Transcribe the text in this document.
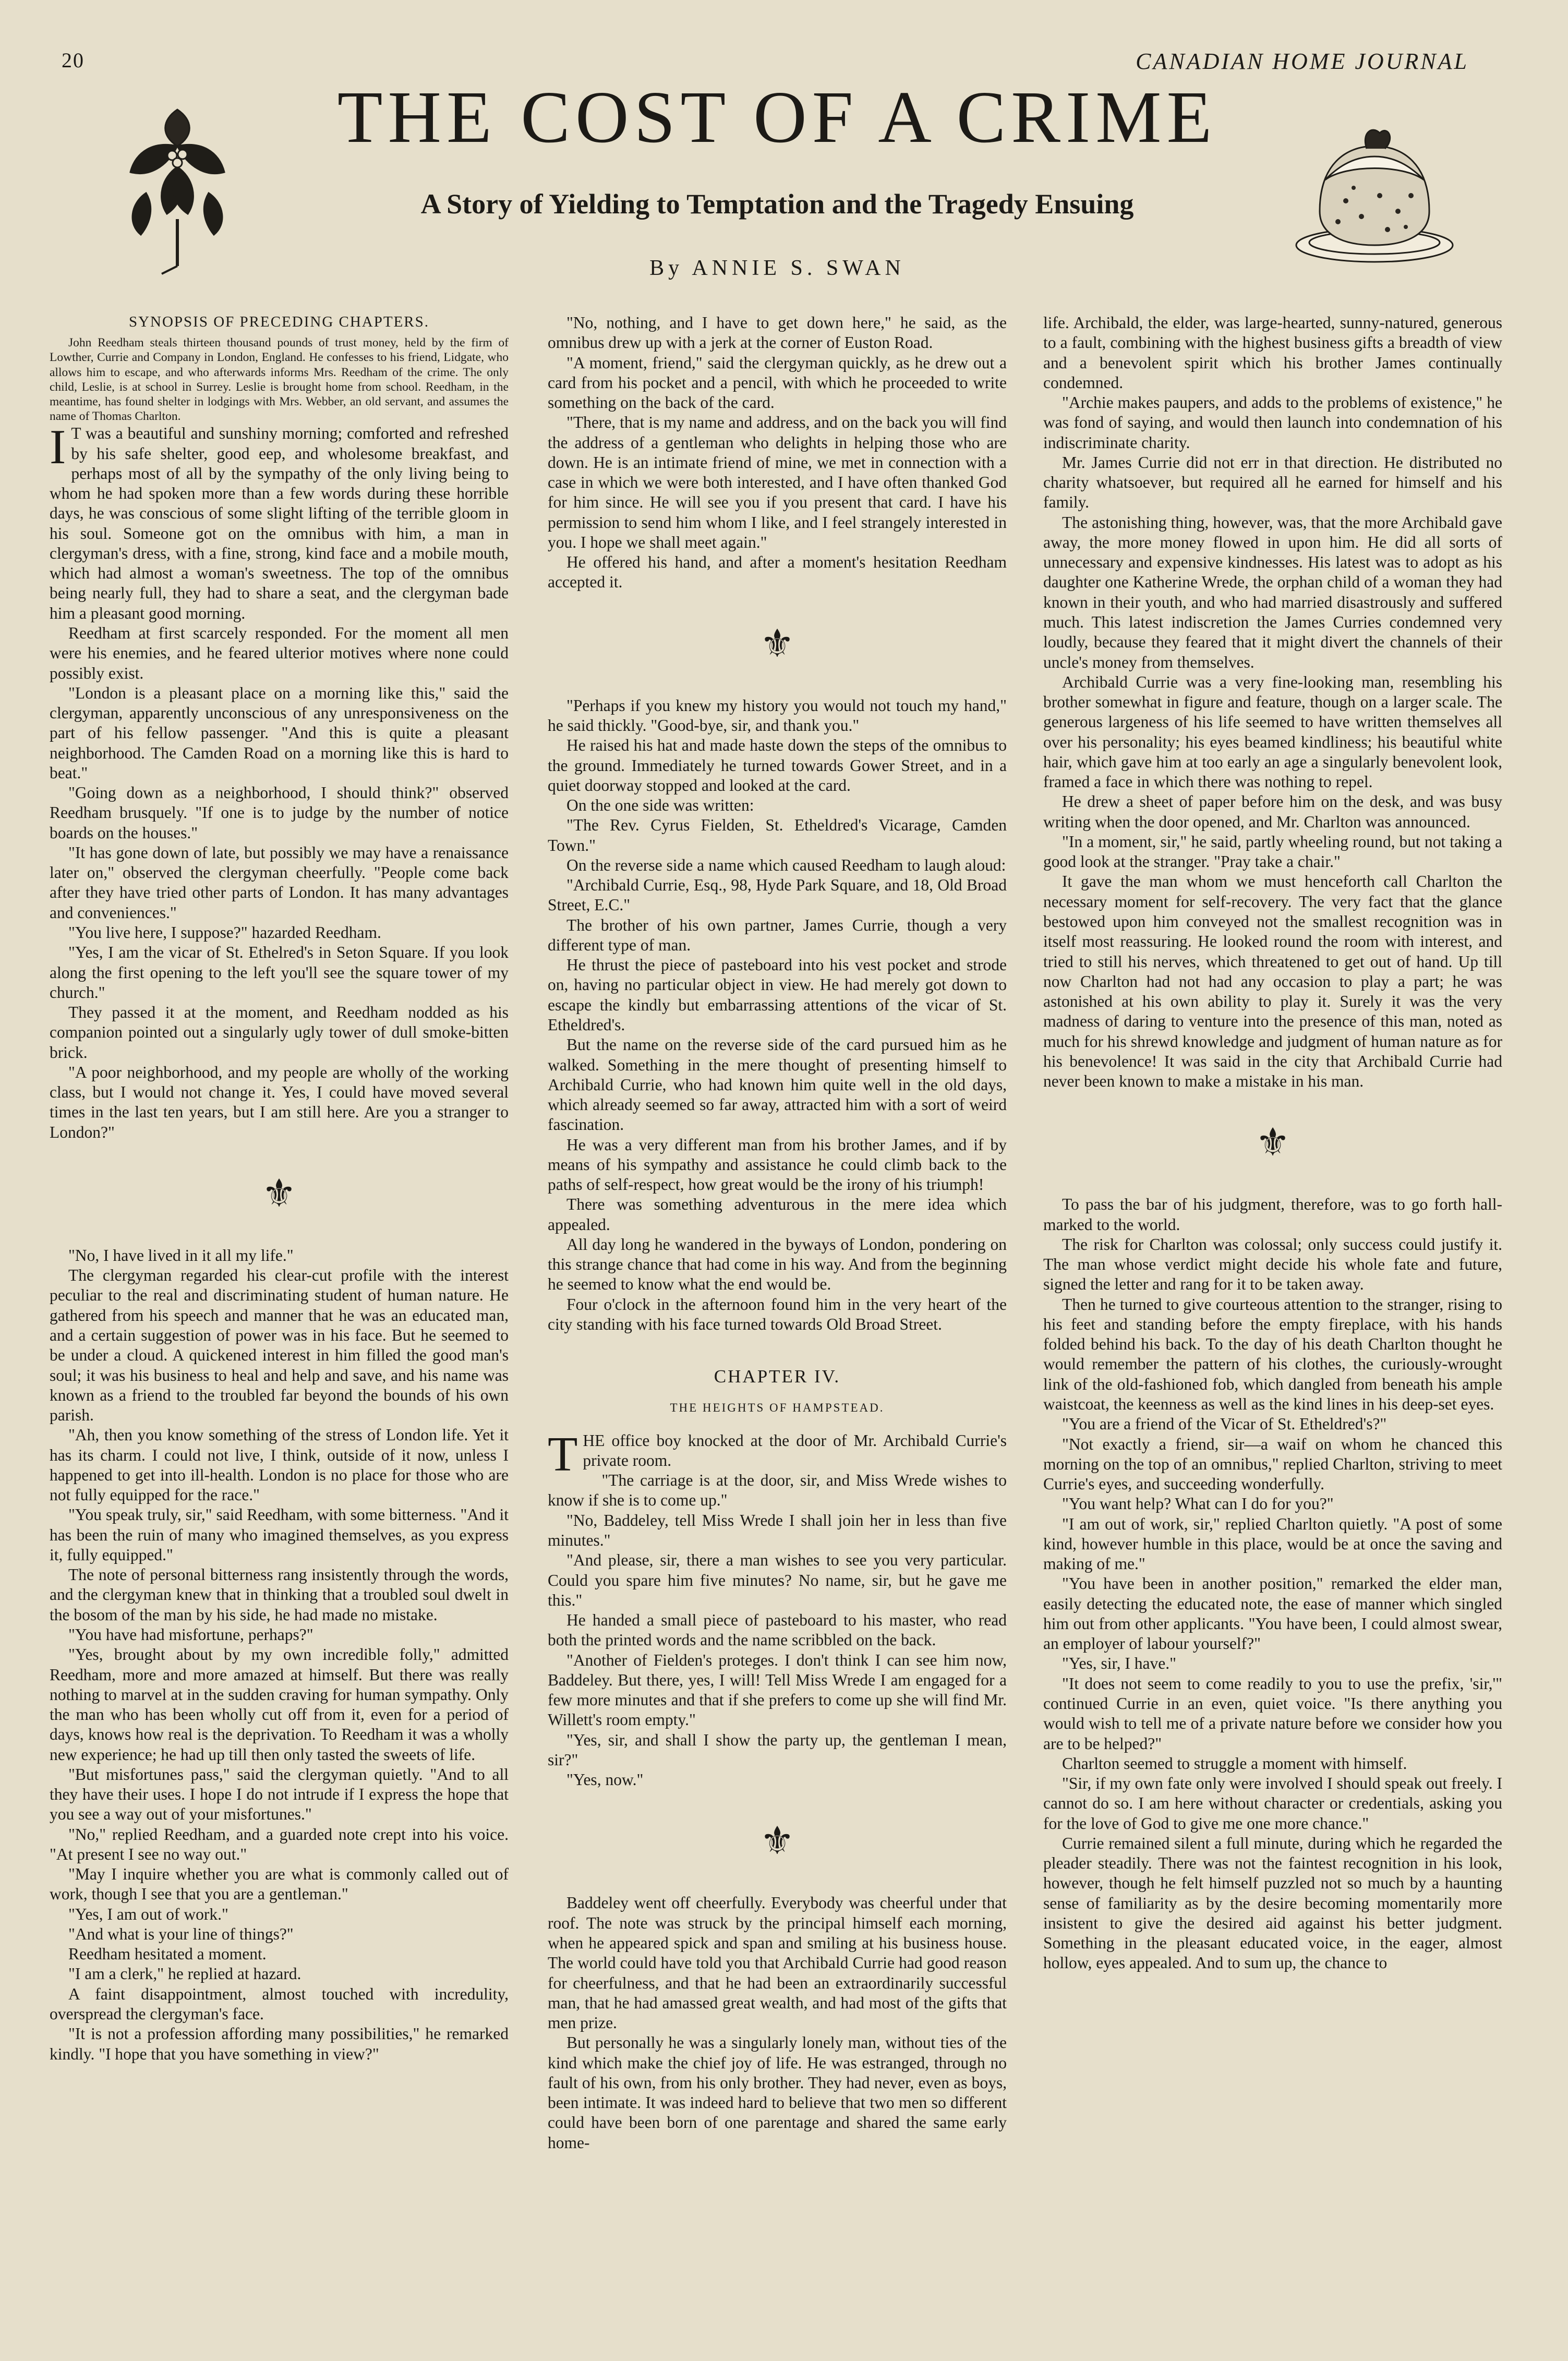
20	CANADIAN HOME JOURNAL
THE COST OF A CRIME
A Story of Yielding to Temptation and the Tragedy Ensuing
By ANNIE S. SWAN
SYNOPSIS OF PRECEDING CHAPTERS.

John Reedham steals thirteen thousand pounds of trust money, held by the firm of Lowther, Currie and Company in London, England. He confesses to his friend, Lidgate, who allows him to escape, and who afterwards informs Mrs. Reedham of the crime. The only child, Leslie, is at school in Surrey. Leslie is brought home from school. Reedham, in the meantime, has found shelter in lodgings with Mrs. Webber, an old servant, and assumes the name of Thomas Charlton.

IT was a beautiful and sunshiny morning; comforted and refreshed by his safe shelter, good eep, and wholesome breakfast, and perhaps most of all by the sympathy of the only living being to whom he had spoken more than a few words during these horrible days, he was conscious of some slight lifting of the terrible gloom in his soul. Someone got on the omnibus with him, a man in clergyman's dress, with a fine, strong, kind face and a mobile mouth, which had almost a woman's sweetness. The top of the omnibus being nearly full, they had to share a seat, and the clergyman bade him a pleasant good morning.

Reedham at first scarcely responded. For the moment all men were his enemies, and he feared ulterior motives where none could possibly exist.

"London is a pleasant place on a morning like this," said the clergyman, apparently unconscious of any unresponsiveness on the part of his fellow passenger. "And this is quite a pleasant neighborhood. The Camden Road on a morning like this is hard to beat."

"Going down as a neighborhood, I should think?" observed Reedham brusquely. "If one is to judge by the number of notice boards on the houses."

"It has gone down of late, but possibly we may have a renaissance later on," observed the clergyman cheerfully. "People come back after they have tried other parts of London. It has many advantages and conveniences."

"You live here, I suppose?" hazarded Reedham.

"Yes, I am the vicar of St. Ethelred's in Seton Square. If you look along the first opening to the left you'll see the square tower of my church."

They passed it at the moment, and Reedham nodded as his companion pointed out a singularly ugly tower of dull smoke-bitten brick.

"A poor neighborhood, and my people are wholly of the working class, but I would not change it. Yes, I could have moved several times in the last ten years, but I am still here. Are you a stranger to London?"

⚜

"No, I have lived in it all my life."

The clergyman regarded his clear-cut profile with the interest peculiar to the real and discriminating student of human nature. He gathered from his speech and manner that he was an educated man, and a certain suggestion of power was in his face. But he seemed to be under a cloud. A quickened interest in him filled the good man's soul; it was his business to heal and help and save, and his name was known as a friend to the troubled far beyond the bounds of his own parish.

"Ah, then you know something of the stress of London life. Yet it has its charm. I could not live, I think, outside of it now, unless I happened to get into ill-health. London is no place for those who are not fully equipped for the race."

"You speak truly, sir," said Reedham, with some bitterness. "And it has been the ruin of many who imagined themselves, as you express it, fully equipped."

The note of personal bitterness rang insistently through the words, and the clergyman knew that in thinking that a troubled soul dwelt in the bosom of the man by his side, he had made no mistake.

"You have had misfortune, perhaps?"

"Yes, brought about by my own incredible folly," admitted Reedham, more and more amazed at himself. But there was really nothing to marvel at in the sudden craving for human sympathy. Only the man who has been wholly cut off from it, even for a period of days, knows how real is the deprivation. To Reedham it was a wholly new experience; he had up till then only tasted the sweets of life.

"But misfortunes pass," said the clergyman quietly. "And to all they have their uses. I hope I do not intrude if I express the hope that you see a way out of your misfortunes."

"No," replied Reedham, and a guarded note crept into his voice. "At present I see no way out."

"May I inquire whether you are what is commonly called out of work, though I see that you are a gentleman."

"Yes, I am out of work."

"And what is your line of things?"

Reedham hesitated a moment.

"I am a clerk," he replied at hazard.

A faint disappointment, almost touched with incredulity, overspread the clergyman's face.

"It is not a profession affording many possibilities," he remarked kindly. "I hope that you have something in view?"

"No, nothing, and I have to get down here," he said, as the omnibus drew up with a jerk at the corner of Euston Road.

"A moment, friend," said the clergyman quickly, as he drew out a card from his pocket and a pencil, with which he proceeded to write something on the back of the card.

"There, that is my name and address, and on the back you will find the address of a gentleman who delights in helping those who are down. He is an intimate friend of mine, we met in connection with a case in which we were both interested, and I have often thanked God for him since. He will see you if you present that card. I have his permission to send him whom I like, and I feel strangely interested in you. I hope we shall meet again."

He offered his hand, and after a moment's hesitation Reedham accepted it.

⚜

"Perhaps if you knew my history you would not touch my hand," he said thickly. "Good-bye, sir, and thank you."

He raised his hat and made haste down the steps of the omnibus to the ground. Immediately he turned towards Gower Street, and in a quiet doorway stopped and looked at the card.

On the one side was written:

"The Rev. Cyrus Fielden, St. Etheldred's Vicarage, Camden Town."

On the reverse side a name which caused Reedham to laugh aloud:

"Archibald Currie, Esq., 98, Hyde Park Square, and 18, Old Broad Street, E.C."

The brother of his own partner, James Currie, though a very different type of man.

He thrust the piece of pasteboard into his vest pocket and strode on, having no particular object in view. He had merely got down to escape the kindly but embarrassing attentions of the vicar of St. Etheldred's.

But the name on the reverse side of the card pursued him as he walked. Something in the mere thought of presenting himself to Archibald Currie, who had known him quite well in the old days, which already seemed so far away, attracted him with a sort of weird fascination.

He was a very different man from his brother James, and if by means of his sympathy and assistance he could climb back to the paths of self-respect, how great would be the irony of his triumph!

There was something adventurous in the mere idea which appealed.

All day long he wandered in the byways of London, pondering on this strange chance that had come in his way. And from the beginning he seemed to know what the end would be.

Four o'clock in the afternoon found him in the very heart of the city standing with his face turned towards Old Broad Street.

CHAPTER IV.
THE HEIGHTS OF HAMPSTEAD.

THE office boy knocked at the door of Mr. Archibald Currie's private room.

"The carriage is at the door, sir, and Miss Wrede wishes to know if she is to come up."

"No, Baddeley, tell Miss Wrede I shall join her in less than five minutes."

"And please, sir, there a man wishes to see you very particular. Could you spare him five minutes? No name, sir, but he gave me this."

He handed a small piece of pasteboard to his master, who read both the printed words and the name scribbled on the back.

"Another of Fielden's proteges. I don't think I can see him now, Baddeley. But there, yes, I will! Tell Miss Wrede I am engaged for a few more minutes and that if she prefers to come up she will find Mr. Willett's room empty."

"Yes, sir, and shall I show the party up, the gentleman I mean, sir?"

"Yes, now."

⚜

Baddeley went off cheerfully. Everybody was cheerful under that roof. The note was struck by the principal himself each morning, when he appeared spick and span and smiling at his business house. The world could have told you that Archibald Currie had good reason for cheerfulness, and that he had been an extraordinarily successful man, that he had amassed great wealth, and had most of the gifts that men prize.

But personally he was a singularly lonely man, without ties of the kind which make the chief joy of life. He was estranged, through no fault of his own, from his only brother. They had never, even as boys, been intimate. It was indeed hard to believe that two men so different could have been born of one parentage and shared the same early home-

life. Archibald, the elder, was large-hearted, sunny-natured, generous to a fault, combining with the highest business gifts a breadth of view and a benevolent spirit which his brother James continually condemned.

"Archie makes paupers, and adds to the problems of existence," he was fond of saying, and would then launch into condemnation of his indiscriminate charity.

Mr. James Currie did not err in that direction. He distributed no charity whatsoever, but required all he earned for himself and his family.

The astonishing thing, however, was, that the more Archibald gave away, the more money flowed in upon him. He did all sorts of unnecessary and expensive kindnesses. His latest was to adopt as his daughter one Katherine Wrede, the orphan child of a woman they had known in their youth, and who had married disastrously and suffered much. This latest indiscretion the James Curries condemned very loudly, because they feared that it might divert the channels of their uncle's money from themselves.

Archibald Currie was a very fine-looking man, resembling his brother somewhat in figure and feature, though on a larger scale. The generous largeness of his life seemed to have written themselves all over his personality; his eyes beamed kindliness; his beautiful white hair, which gave him at too early an age a singularly benevolent look, framed a face in which there was nothing to repel.

He drew a sheet of paper before him on the desk, and was busy writing when the door opened, and Mr. Charlton was announced.

"In a moment, sir," he said, partly wheeling round, but not taking a good look at the stranger. "Pray take a chair."

It gave the man whom we must henceforth call Charlton the necessary moment for self-recovery. The very fact that the glance bestowed upon him conveyed not the smallest recognition was in itself most reassuring. He looked round the room with interest, and tried to still his nerves, which threatened to get out of hand. Up till now Charlton had not had any occasion to play a part; he was astonished at his own ability to play it. Surely it was the very madness of daring to venture into the presence of this man, noted as much for his shrewd knowledge and judgment of human nature as for his benevolence! It was said in the city that Archibald Currie had never been known to make a mistake in his man.

⚜

To pass the bar of his judgment, therefore, was to go forth hall-marked to the world.

The risk for Charlton was colossal; only success could justify it. The man whose verdict might decide his whole fate and future, signed the letter and rang for it to be taken away.

Then he turned to give courteous attention to the stranger, rising to his feet and standing before the empty fireplace, with his hands folded behind his back. To the day of his death Charlton thought he would remember the pattern of his clothes, the curiously-wrought link of the old-fashioned fob, which dangled from beneath his ample waistcoat, the keenness as well as the kind lines in his deep-set eyes.

"You are a friend of the Vicar of St. Etheldred's?"

"Not exactly a friend, sir—a waif on whom he chanced this morning on the top of an omnibus," replied Charlton, striving to meet Currie's eyes, and succeeding wonderfully.

"You want help? What can I do for you?"

"I am out of work, sir," replied Charlton quietly. "A post of some kind, however humble in this place, would be at once the saving and making of me."

"You have been in another position," remarked the elder man, easily detecting the educated note, the ease of manner which singled him out from other applicants. "You have been, I could almost swear, an employer of labour yourself?"

"Yes, sir, I have."

"It does not seem to come readily to you to use the prefix, 'sir,'" continued Currie in an even, quiet voice. "Is there anything you would wish to tell me of a private nature before we consider how you are to be helped?"

Charlton seemed to struggle a moment with himself.

"Sir, if my own fate only were involved I should speak out freely. I cannot do so. I am here without character or credentials, asking you for the love of God to give me one more chance."

Currie remained silent a full minute, during which he regarded the pleader steadily. There was not the faintest recognition in his look, however, though he felt himself puzzled not so much by a haunting sense of familiarity as by the desire becoming momentarily more insistent to give the desired aid against his better judgment. Something in the pleasant educated voice, in the eager, almost hollow, eyes appealed. And to sum up, the chance to
